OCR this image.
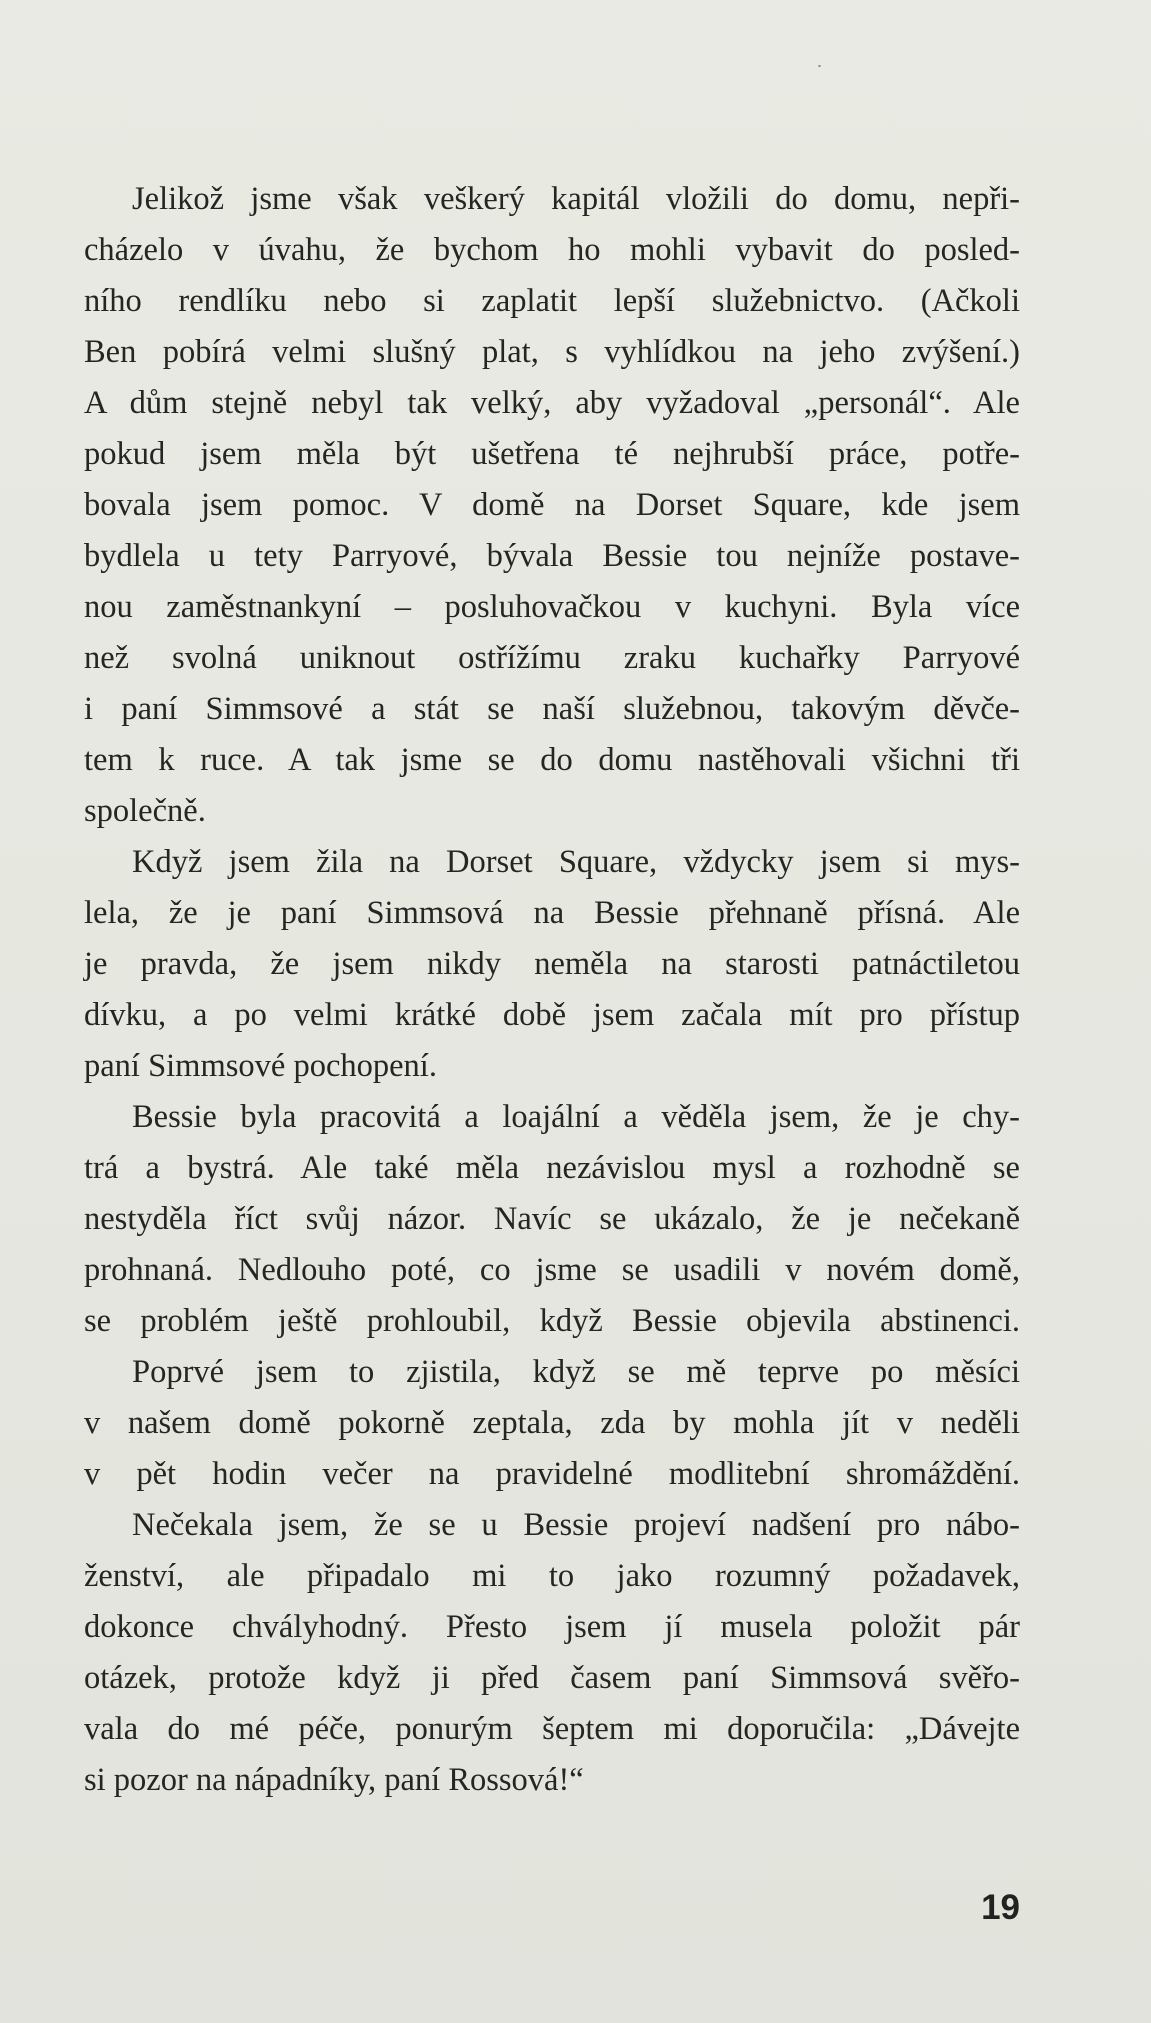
Jelikož jsme však veškerý kapitál vložili do domu, nepři-
cházelo v úvahu, že bychom ho mohli vybavit do posled-
ního rendlíku nebo si zaplatit lepší služebnictvo. (Ačkoli
Ben pobírá velmi slušný plat, s vyhlídkou na jeho zvýšení.)
A dům stejně nebyl tak velký, aby vyžadoval „personál“. Ale
pokud jsem měla být ušetřena té nejhrubší práce, potře-
bovala jsem pomoc. V domě na Dorset Square, kde jsem
bydlela u tety Parryové, bývala Bessie tou nejníže postave-
nou zaměstnankyní – posluhovačkou v kuchyni. Byla více
než svolná uniknout ostřížímu zraku kuchařky Parryové
i paní Simmsové a stát se naší služebnou, takovým děvče-
tem k ruce. A tak jsme se do domu nastěhovali všichni tři
společně.
Když jsem žila na Dorset Square, vždycky jsem si mys-
lela, že je paní Simmsová na Bessie přehnaně přísná. Ale
je pravda, že jsem nikdy neměla na starosti patnáctiletou
dívku, a po velmi krátké době jsem začala mít pro přístup
paní Simmsové pochopení.
Bessie byla pracovitá a loajální a věděla jsem, že je chy-
trá a bystrá. Ale také měla nezávislou mysl a rozhodně se
nestyděla říct svůj názor. Navíc se ukázalo, že je nečekaně
prohnaná. Nedlouho poté, co jsme se usadili v novém domě,
se problém ještě prohloubil, když Bessie objevila abstinenci.
Poprvé jsem to zjistila, když se mě teprve po měsíci
v našem domě pokorně zeptala, zda by mohla jít v neděli
v pět hodin večer na pravidelné modlitební shromáždění.
Nečekala jsem, že se u Bessie projeví nadšení pro nábo-
ženství, ale připadalo mi to jako rozumný požadavek,
dokonce chvályhodný. Přesto jsem jí musela položit pár
otázek, protože když ji před časem paní Simmsová svěřo-
vala do mé péče, ponurým šeptem mi doporučila: „Dávejte
si pozor na nápadníky, paní Rossová!“
19
